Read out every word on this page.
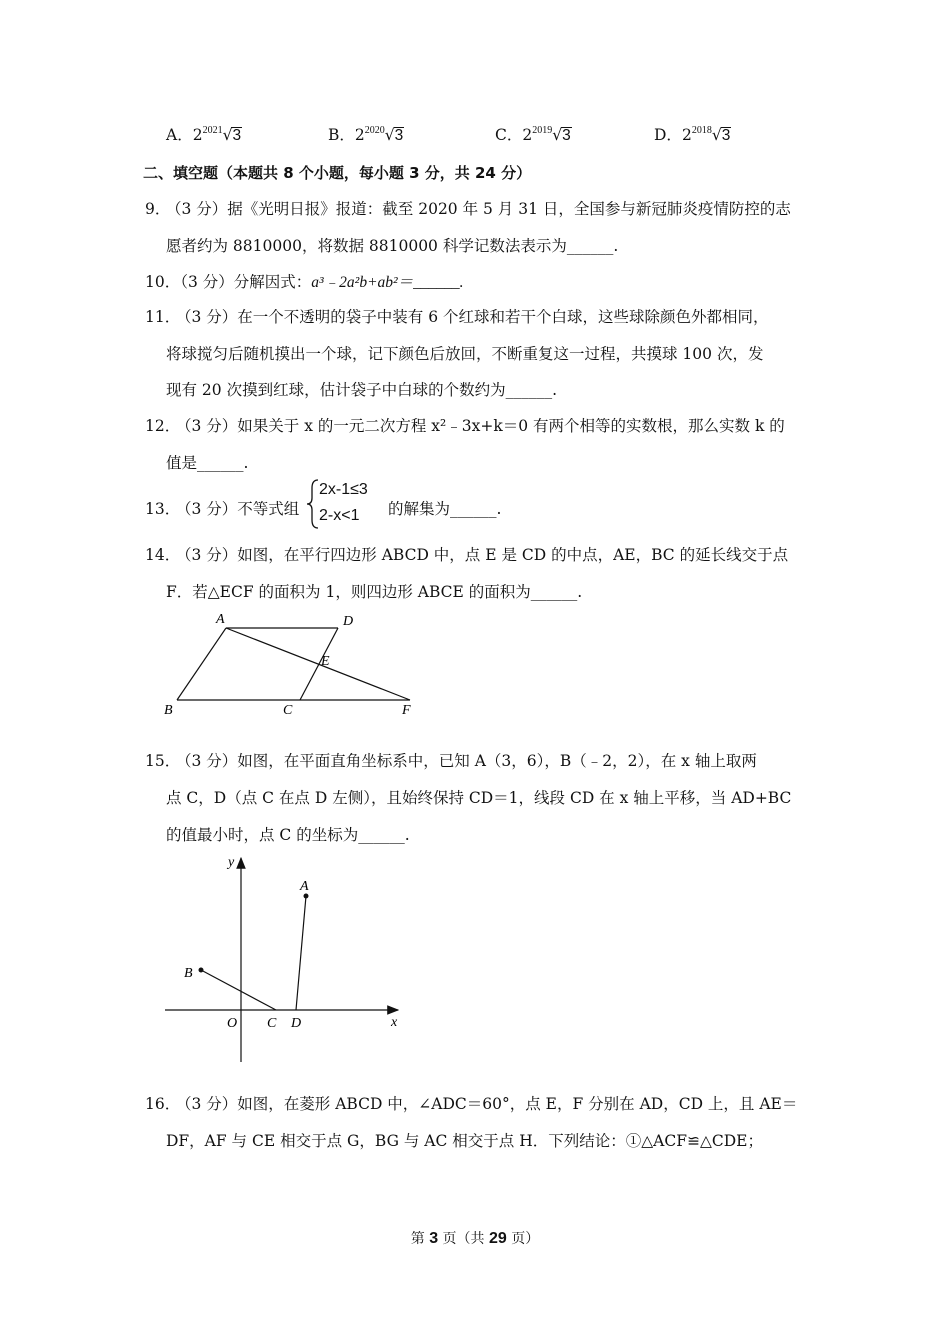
A．$2^{2021}√3$	B．$2^{2020}√3$	C．$2^{2019}√3$	D．$2^{2018}√3$
二、填空题（本题共 8 个小题，每小题 3 分，共 24 分）
9．
（3 分）据《光明日报》报道：截至 2020 年 5 月 31 日，全国参与新冠肺炎疫情防控的志
愿者约为 8810000，将数据 8810000 科学记数法表示为______.
10．（3 分）分解因式：a³﹣2a²b+ab²＝______.
11．
（3 分）在一个不透明的袋子中装有 6 个红球和若干个白球，这些球除颜色外都相同，
将球搅匀后随机摸出一个球，记下颜色后放回，不断重复这一过程，共摸球 100 次，发
现有 20 次摸到红球，估计袋子中白球的个数约为______.
12．
（3 分）如果关于 x 的一元二次方程 x²﹣3x+k＝0 有两个相等的实数根，那么实数 k 的
值是______.
13．
（3 分）不等式组
2x-1≤3
2-x<1 的解集为______.
14．
（3 分）如图，在平行四边形 ABCD 中，点 E 是 CD 的中点，AE，BC 的延长线交于点
F．若△ECF 的面积为 1，则四边形 ABCE 的面积为______.
A	D
E
B	C	F
15．
（3 分）如图，在平面直角坐标系中，已知 A（3，6），B（﹣2，2），在 x 轴上取两
点 C，D（点 C 在点 D 左侧），且始终保持 CD＝1，线段 CD 在 x 轴上平移，当 AD+BC
的值最小时，点 C 的坐标为______.
y
x
A
B
O C D
16．
（3 分）如图，在菱形 ABCD 中，∠ADC＝60°，点 E，F 分别在 AD，CD 上，且 AE＝
DF，AF 与 CE 相交于点 G，BG 与 AC 相交于点 H．下列结论：①△ACF≌△CDE；
第 3 页（共 29 页）
